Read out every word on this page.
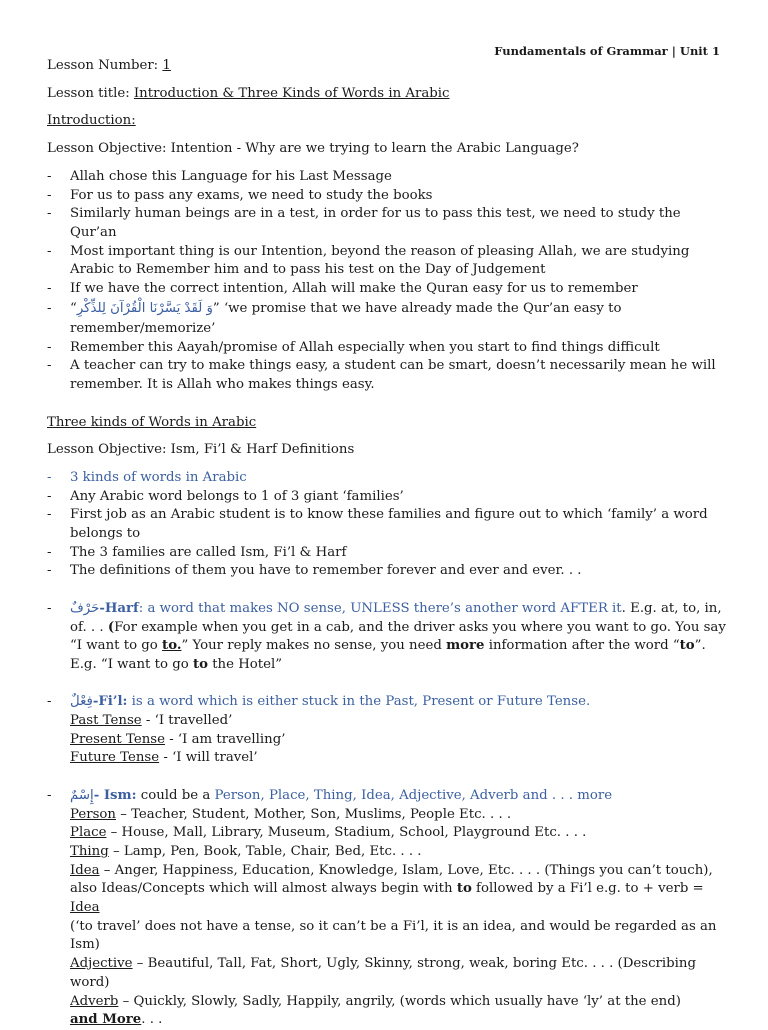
Fundamentals of Grammar | Unit 1

Lesson Number: 1

Lesson title: Introduction & Three Kinds of Words in Arabic

Introduction:

Lesson Objective: Intention - Why are we trying to learn the Arabic Language?

- Allah chose this Language for his Last Message
- For us to pass any exams, we need to study the books
- Similarly human beings are in a test, in order for us to pass this test, we need to study the Qur’an
- Most important thing is our Intention, beyond the reason of pleasing Allah, we are studying Arabic to Remember him and to pass his test on the Day of Judgement
- If we have the correct intention, Allah will make the Quran easy for us to remember
- “وَ لَقَدْ يَسَّرْنَا الْقُرْآنَ لِلذِّكْرِ” ‘we promise that we have already made the Qur’an easy to remember/memorize’
- Remember this Aayah/promise of Allah especially when you start to find things difficult
- A teacher can try to make things easy, a student can be smart, doesn’t necessarily mean he will remember. It is Allah who makes things easy.

Three kinds of Words in Arabic

Lesson Objective: Ism, Fi’l & Harf Definitions

- 3 kinds of words in Arabic
- Any Arabic word belongs to 1 of 3 giant ‘families’
- First job as an Arabic student is to know these families and figure out to which ‘family’ a word belongs to
- The 3 families are called Ism, Fi’l & Harf
- The definitions of them you have to remember forever and ever and ever. . .
- حَرْفٌ-Harf: a word that makes NO sense, UNLESS there’s another word AFTER it. E.g. at, to, in, of. . . (For example when you get in a cab, and the driver asks you where you want to go. You say “I want to go to.” Your reply makes no sense, you need more information after the word “to”. E.g. “I want to go to the Hotel”
- فِعْلٌ-Fi’l: is a word which is either stuck in the Past, Present or Future Tense.
Past Tense - ‘I travelled’
Present Tense - ‘I am travelling’
Future Tense - ‘I will travel’
- إِسْمٌ- Ism: could be a Person, Place, Thing, Idea, Adjective, Adverb and . . . more
Person – Teacher, Student, Mother, Son, Muslims, People Etc. . . .
Place – House, Mall, Library, Museum, Stadium, School, Playground Etc. . . .
Thing – Lamp, Pen, Book, Table, Chair, Bed, Etc. . . .
Idea – Anger, Happiness, Education, Knowledge, Islam, Love, Etc. . . . (Things you can’t touch),
also Ideas/Concepts which will almost always begin with to followed by a Fi’l e.g. to + verb = Idea
(‘to travel’ does not have a tense, so it can’t be a Fi’l, it is an idea, and would be regarded as an Ism)
Adjective – Beautiful, Tall, Fat, Short, Ugly, Skinny, strong, weak, boring Etc. . . . (Describing word)
Adverb – Quickly, Slowly, Sadly, Happily, angrily, (words which usually have ‘ly’ at the end)
and More. . .
